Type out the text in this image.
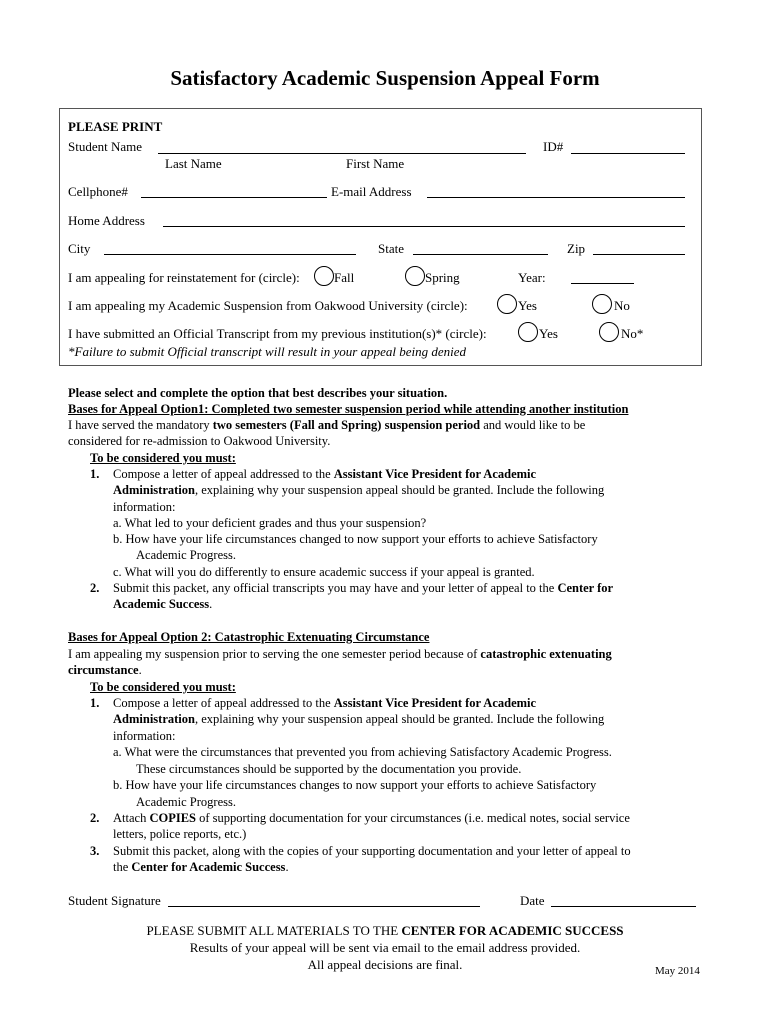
Satisfactory Academic Suspension Appeal Form
PLEASE PRINT
Student Name	ID#
Last Name	First Name
Cellphone#	E-mail Address
Home Address
City	State	Zip
I am appealing for reinstatement for (circle):	Fall	Spring	Year:
I am appealing my Academic Suspension from Oakwood University (circle):	Yes	No
I have submitted an Official Transcript from my previous institution(s)* (circle):	Yes	No*
*Failure to submit Official transcript will result in your appeal being denied
Please select and complete the option that best describes your situation.
Bases for Appeal Option1: Completed two semester suspension period while attending another institution
I have served the mandatory two semesters (Fall and Spring) suspension period and would like to be
considered for re-admission to Oakwood University.
To be considered you must:
1. Compose a letter of appeal addressed to the Assistant Vice President for Academic
Administration, explaining why your suspension appeal should be granted. Include the following
information:
a. What led to your deficient grades and thus your suspension?
b. How have your life circumstances changed to now support your efforts to achieve Satisfactory
Academic Progress.
c. What will you do differently to ensure academic success if your appeal is granted.
2. Submit this packet, any official transcripts you may have and your letter of appeal to the Center for
Academic Success.
Bases for Appeal Option 2: Catastrophic Extenuating Circumstance
I am appealing my suspension prior to serving the one semester period because of catastrophic extenuating
circumstance.
To be considered you must:
1. Compose a letter of appeal addressed to the Assistant Vice President for Academic
Administration, explaining why your suspension appeal should be granted. Include the following
information:
a. What were the circumstances that prevented you from achieving Satisfactory Academic Progress.
These circumstances should be supported by the documentation you provide.
b. How have your life circumstances changes to now support your efforts to achieve Satisfactory
Academic Progress.
2. Attach COPIES of supporting documentation for your circumstances (i.e. medical notes, social service
letters, police reports, etc.)
3. Submit this packet, along with the copies of your supporting documentation and your letter of appeal to
the Center for Academic Success.
Student Signature	Date
PLEASE SUBMIT ALL MATERIALS TO THE CENTER FOR ACADEMIC SUCCESS
Results of your appeal will be sent via email to the email address provided.
All appeal decisions are final.	May 2014
